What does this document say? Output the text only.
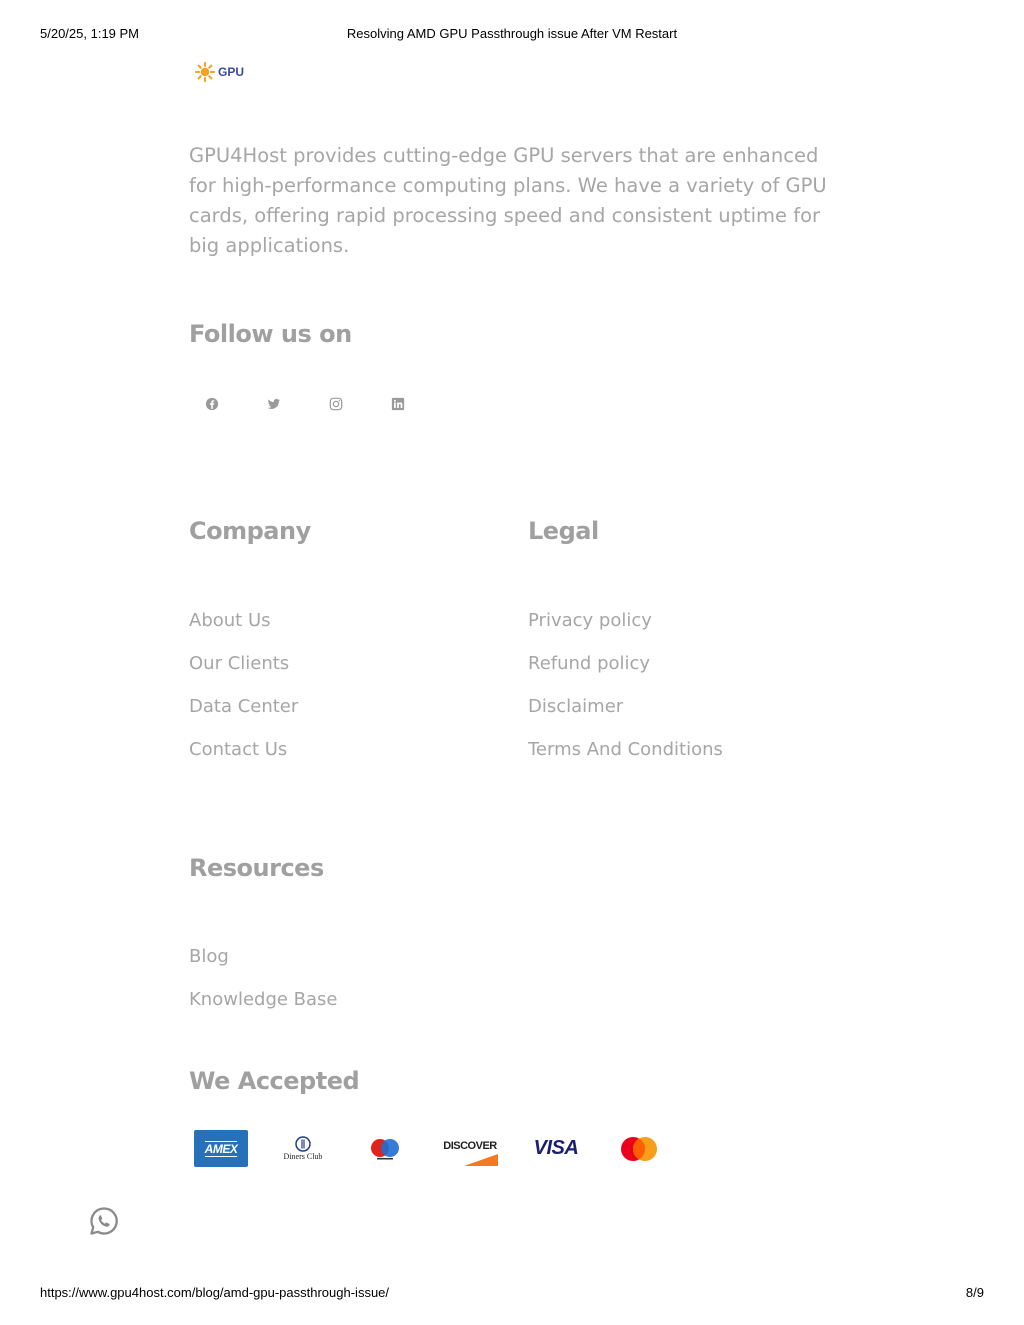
5/20/25, 1:19 PM	Resolving AMD GPU Passthrough issue After VM Restart
GPU

GPU4Host provides cutting-edge GPU servers that are enhanced for high-performance computing plans. We have a variety of GPU cards, offering rapid processing speed and consistent uptime for big applications.

Follow us on
Company
About Us
Our Clients
Data Center
Contact Us
Legal
Privacy policy
Refund policy
Disclaimer
Terms And Conditions
Resources
Blog
Knowledge Base
We Accepted
AMEX
Diners Club
DISCOVER VISA
https://www.gpu4host.com/blog/amd-gpu-passthrough-issue/	8/9
